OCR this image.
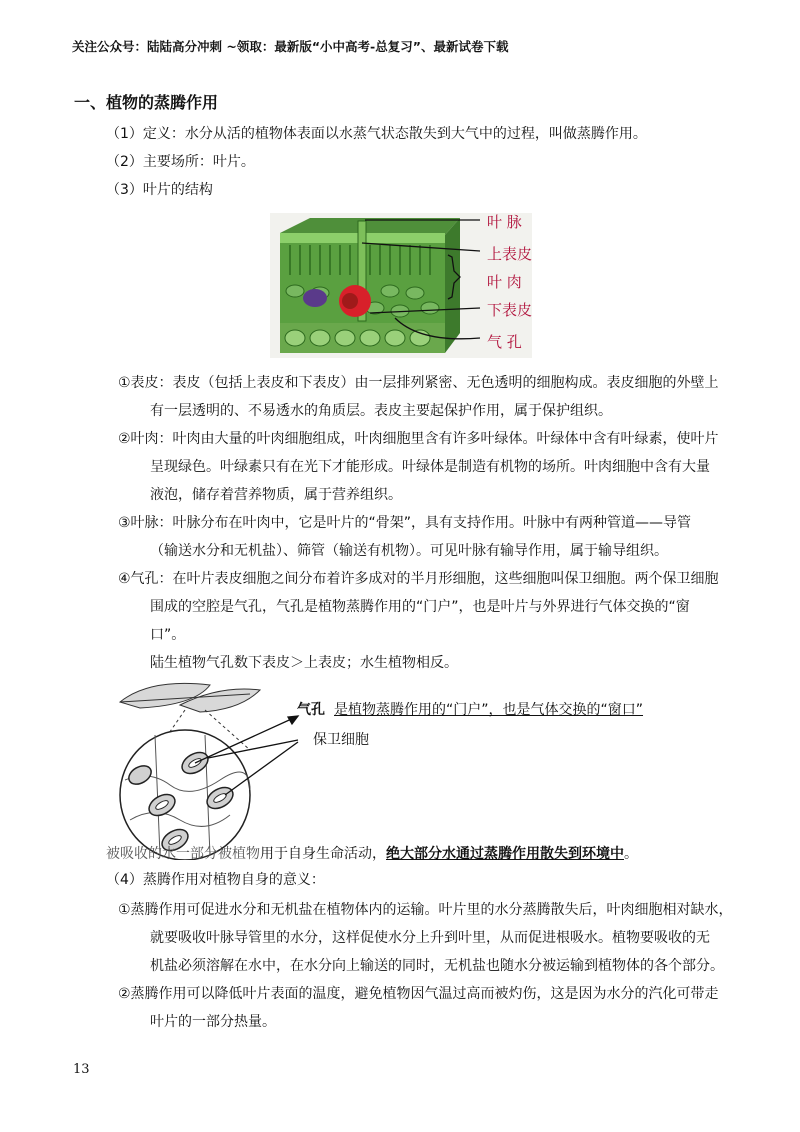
关注公众号：陆陆高分冲刺 ~领取：最新版“小中高考-总复习”、最新试卷下载
一、植物的蒸腾作用
（1）定义：水分从活的植物体表面以水蒸气状态散失到大气中的过程，叫做蒸腾作用。
（2）主要场所：叶片。
（3）叶片的结构
叶 脉
上表皮
叶 肉
下表皮
气 孔
①表皮：表皮（包括上表皮和下表皮）由一层排列紧密、无色透明的细胞构成。表皮细胞的外壁上
有一层透明的、不易透水的角质层。表皮主要起保护作用，属于保护组织。
②叶肉：叶肉由大量的叶肉细胞组成，叶肉细胞里含有许多叶绿体。叶绿体中含有叶绿素，使叶片
呈现绿色。叶绿素只有在光下才能形成。叶绿体是制造有机物的场所。叶肉细胞中含有大量
液泡，储存着营养物质，属于营养组织。
③叶脉：叶脉分布在叶肉中，它是叶片的“骨架”，具有支持作用。叶脉中有两种管道——导管
（输送水分和无机盐）、筛管（输送有机物）。可见叶脉有输导作用，属于输导组织。
④气孔：在叶片表皮细胞之间分布着许多成对的半月形细胞，这些细胞叫保卫细胞。两个保卫细胞
围成的空腔是气孔，气孔是植物蒸腾作用的“门户”，也是叶片与外界进行气体交换的“窗
口”。
陆生植物气孔数下表皮＞上表皮；水生植物相反。
气孔 是植物蒸腾作用的“门户”，也是气体交换的“窗口”
保卫细胞
被吸收的水一部分被植物用于自身生命活动，绝大部分水通过蒸腾作用散失到环境中。
（4）蒸腾作用对植物自身的意义：
①蒸腾作用可促进水分和无机盐在植物体内的运输。叶片里的水分蒸腾散失后，叶肉细胞相对缺水，
就要吸收叶脉导管里的水分，这样促使水分上升到叶里，从而促进根吸水。植物要吸收的无
机盐必须溶解在水中，在水分向上输送的同时，无机盐也随水分被运输到植物体的各个部分。
②蒸腾作用可以降低叶片表面的温度，避免植物因气温过高而被灼伤，这是因为水分的汽化可带走
叶片的一部分热量。
13
